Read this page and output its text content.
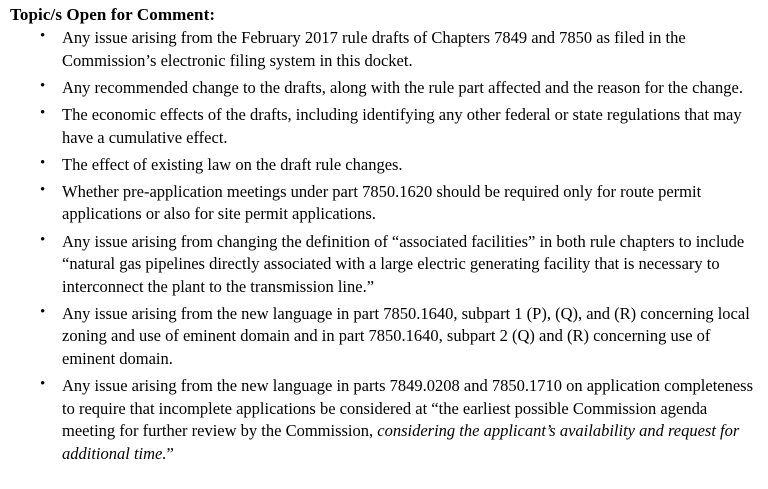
Topic/s Open for Comment:
• Any issue arising from the February 2017 rule drafts of Chapters 7849 and 7850 as filed in the Commission’s electronic filing system in this docket.
• Any recommended change to the drafts, along with the rule part affected and the reason for the change.
• The economic effects of the drafts, including identifying any other federal or state regulations that may have a cumulative effect.
• The effect of existing law on the draft rule changes.
• Whether pre-application meetings under part 7850.1620 should be required only for route permit applications or also for site permit applications.
• Any issue arising from changing the definition of “associated facilities” in both rule chapters to include “natural gas pipelines directly associated with a large electric generating facility that is necessary to interconnect the plant to the transmission line.”
• Any issue arising from the new language in part 7850.1640, subpart 1 (P), (Q), and (R) concerning local zoning and use of eminent domain and in part 7850.1640, subpart 2 (Q) and (R) concerning use of eminent domain.
• Any issue arising from the new language in parts 7849.0208 and 7850.1710 on application completeness to require that incomplete applications be considered at “the earliest possible Commission agenda meeting for further review by the Commission, considering the applicant’s availability and request for additional time.”
